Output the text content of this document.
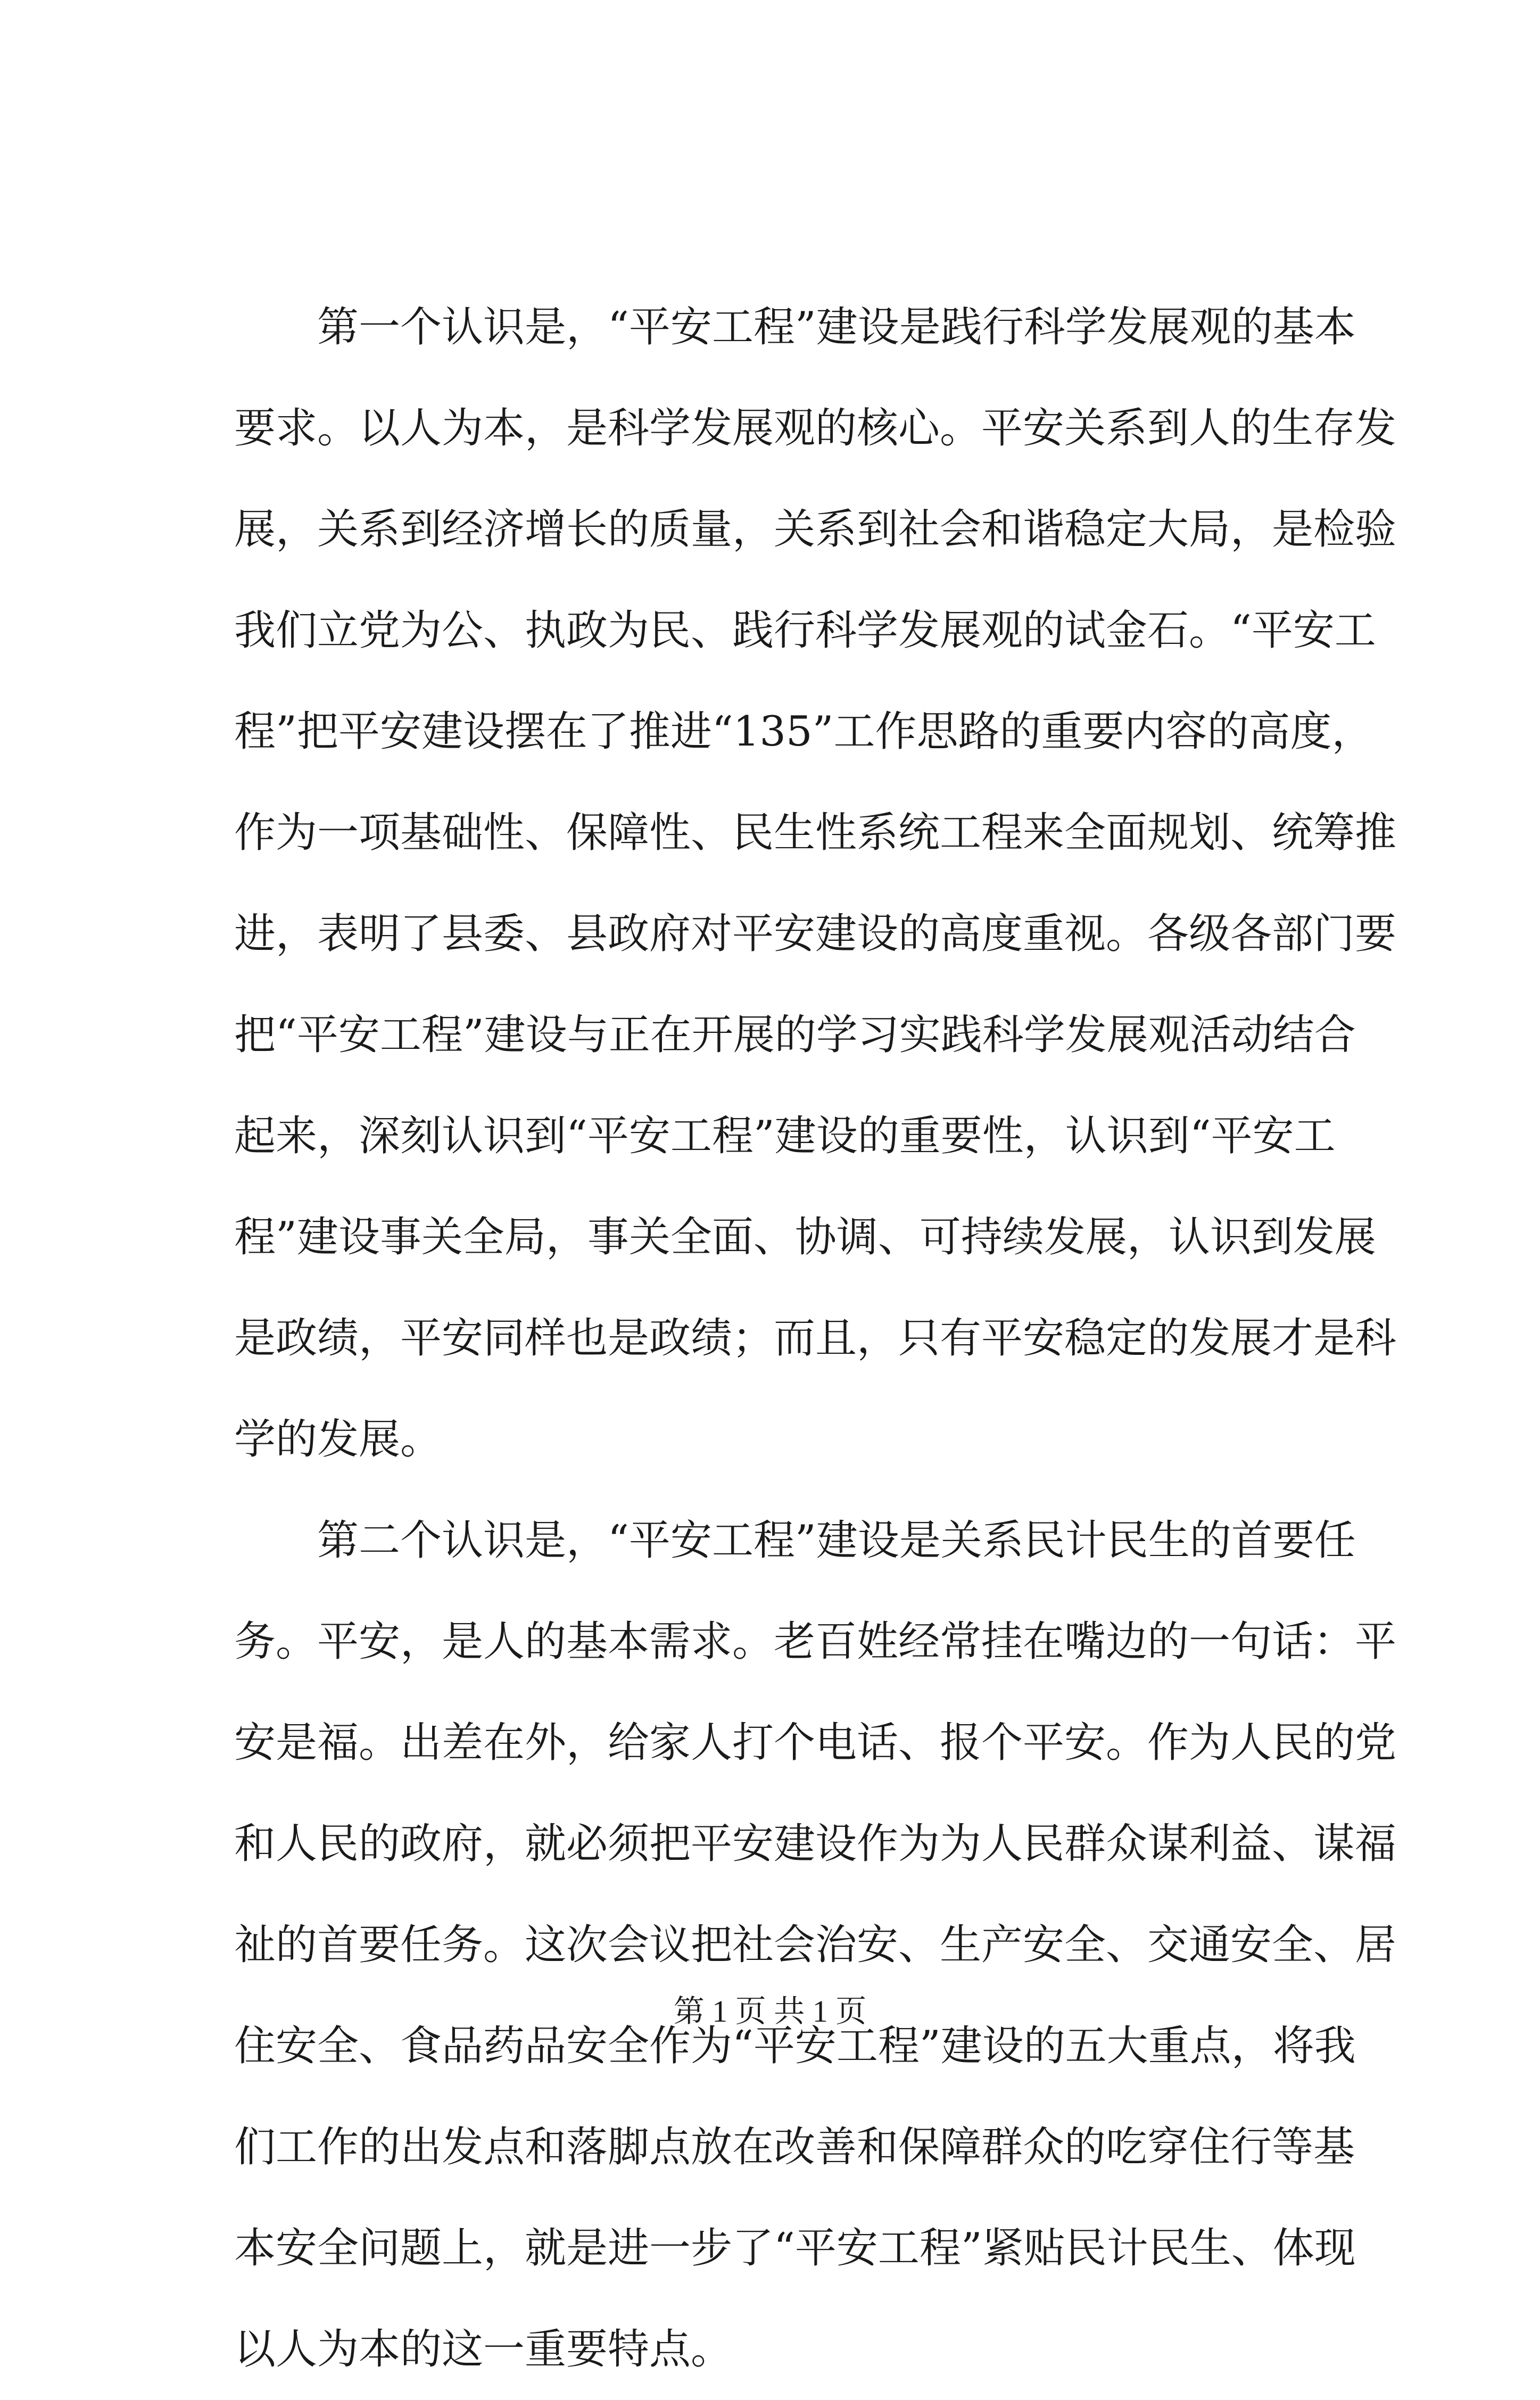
第一个认识是，“平安工程”建设是践行科学发展观的基本
要求。以人为本，是科学发展观的核心。平安关系到人的生存发
展，关系到经济增长的质量，关系到社会和谐稳定大局，是检验
我们立党为公、执政为民、践行科学发展观的试金石。“平安工
程”把平安建设摆在了推进“135”工作思路的重要内容的高度，
作为一项基础性、保障性、民生性系统工程来全面规划、统筹推
进，表明了县委、县政府对平安建设的高度重视。各级各部门要
把“平安工程”建设与正在开展的学习实践科学发展观活动结合
起来，深刻认识到“平安工程”建设的重要性，认识到“平安工
程”建设事关全局，事关全面、协调、可持续发展，认识到发展
是政绩，平安同样也是政绩；而且，只有平安稳定的发展才是科
学的发展。
第二个认识是，“平安工程”建设是关系民计民生的首要任
务。平安，是人的基本需求。老百姓经常挂在嘴边的一句话：平
安是福。出差在外，给家人打个电话、报个平安。作为人民的党
和人民的政府，就必须把平安建设作为为人民群众谋利益、谋福
祉的首要任务。这次会议把社会治安、生产安全、交通安全、居
住安全、食品药品安全作为“平安工程”建设的五大重点，将我
们工作的出发点和落脚点放在改善和保障群众的吃穿住行等基
本安全问题上，就是进一步了“平安工程”紧贴民计民生、体现
以人为本的这一重要特点。
第 1 页 共 1 页
